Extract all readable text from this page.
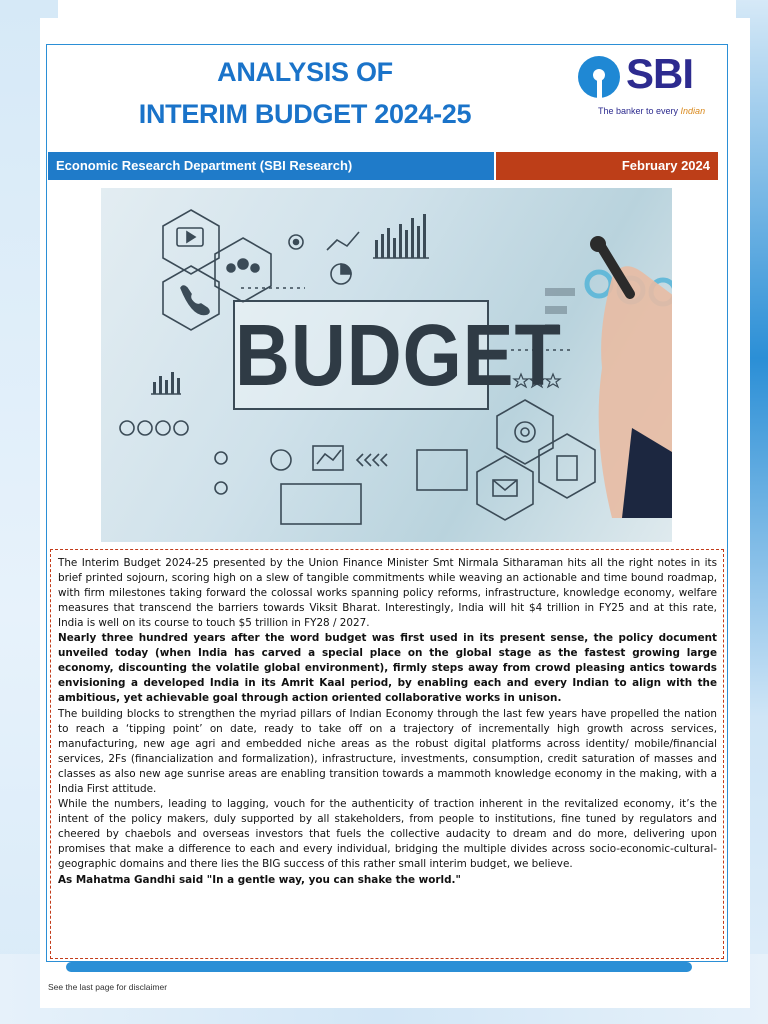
ANALYSIS OF
INTERIM BUDGET 2024-25
SBI
The banker to every Indian
Economic Research Department (SBI Research)	February 2024
BUDGET

The Interim Budget 2024-25 presented by the Union Finance Minister Smt Nirmala Sitharaman hits all the right notes in its brief printed sojourn, scoring high on a slew of tangible commitments while weaving an actionable and time bound roadmap, with firm milestones taking forward the colossal works spanning policy reforms, infrastructure, knowledge economy, welfare measures that transcend the barriers towards Viksit Bharat. Interestingly, India will hit $4 trillion in FY25 and at this rate, India is well on its course to touch $5 trillion in FY28 / 2027.

Nearly three hundred years after the word budget was first used in its present sense, the policy document unveiled today (when India has carved a special place on the global stage as the fastest growing large economy, discounting the volatile global environment), firmly steps away from crowd pleasing antics towards envisioning a developed India in its Amrit Kaal period, by enabling each and every Indian to align with the ambitious, yet achievable goal through action oriented collaborative works in unison.

The building blocks to strengthen the myriad pillars of Indian Economy through the last few years have propelled the nation to reach a ‘tipping point’ on date, ready to take off on a trajectory of incrementally high growth across services, manufacturing, new age agri and embedded niche areas as the robust digital platforms across identity/ mobile/financial services, 2Fs (financialization and formalization), infrastructure, investments, consumption, credit saturation of masses and classes as also new age sunrise areas are enabling transition towards a mammoth knowledge economy in the making, with a India First attitude.

While the numbers, leading to lagging, vouch for the authenticity of traction inherent in the revitalized economy, it’s the intent of the policy makers, duly supported by all stakeholders, from people to institutions, fine tuned by regulators and cheered by chaebols and overseas investors that fuels the collective audacity to dream and do more, delivering upon promises that make a difference to each and every individual, bridging the multiple divides across socio-economic-cultural-geographic domains and there lies the BIG success of this rather small interim budget, we believe.

As Mahatma Gandhi said "In a gentle way, you can shake the world."

See the last page for disclaimer
